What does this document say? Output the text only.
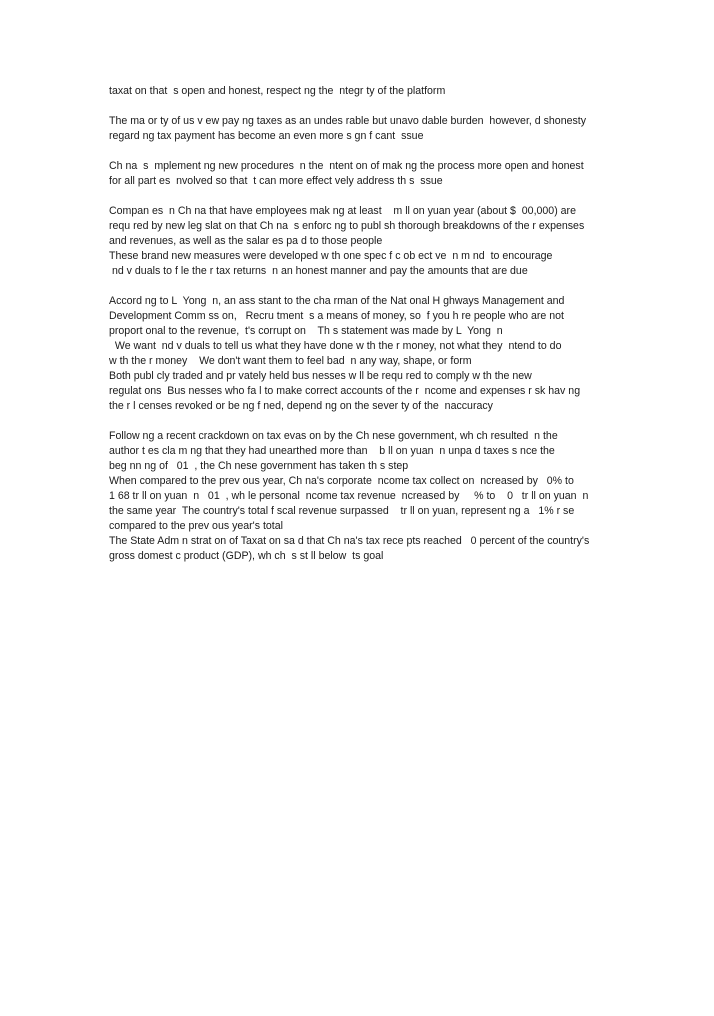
taxat on that  s open and honest, respect ng the  ntegr ty of the platform

The ma or ty of us v ew pay ng taxes as an undes rable but unavo dable burden  however, d shonesty
regard ng tax payment has become an even more s gn f cant  ssue

Ch na  s  mplement ng new procedures  n the  ntent on of mak ng the process more open and honest
for all part es  nvolved so that  t can more effect vely address th s  ssue

Compan es  n Ch na that have employees mak ng at least    m ll on yuan year (about $  00,000) are
requ red by new leg slat on that Ch na  s enforc ng to publ sh thorough breakdowns of the r expenses
and revenues, as well as the salar es pa d to those people
These brand new measures were developed w th one spec f c ob ect ve  n m nd  to encourage
nd v duals to f le the r tax returns  n an honest manner and pay the amounts that are due

Accord ng to L  Yong  n, an ass stant to the cha rman of the Nat onal H ghways Management and
Development Comm ss on,   Recru tment  s a means of money, so  f you h re people who are not
proport onal to the revenue,  t's corrupt on    Th s statement was made by L  Yong  n
We want  nd v duals to tell us what they have done w th the r money, not what they  ntend to do
w th the r money    We don't want them to feel bad  n any way, shape, or form
Both publ cly traded and pr vately held bus nesses w ll be requ red to comply w th the new
regulat ons  Bus nesses who fa l to make correct accounts of the r  ncome and expenses r sk hav ng
the r l censes revoked or be ng f ned, depend ng on the sever ty of the  naccuracy

Follow ng a recent crackdown on tax evas on by the Ch nese government, wh ch resulted  n the
author t es cla m ng that they had unearthed more than    b ll on yuan  n unpa d taxes s nce the
beg nn ng of   01  , the Ch nese government has taken th s step
When compared to the prev ous year, Ch na's corporate  ncome tax collect on  ncreased by   0% to
1 68 tr ll on yuan  n   01  , wh le personal  ncome tax revenue  ncreased by     % to    0   tr ll on yuan  n
the same year  The country's total f scal revenue surpassed    tr ll on yuan, represent ng a   1% r se
compared to the prev ous year's total
The State Adm n strat on of Taxat on sa d that Ch na's tax rece pts reached   0 percent of the country's
gross domest c product (GDP), wh ch  s st ll below  ts goal
